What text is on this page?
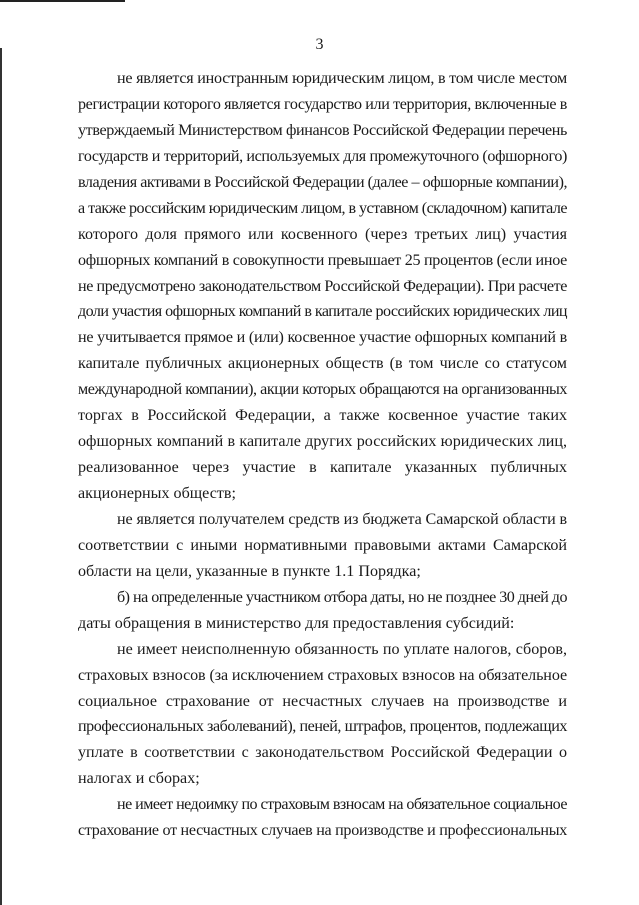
3
не является иностранным юридическим лицом, в том числе местом
регистрации которого является государство или территория, включенные в
утверждаемый Министерством финансов Российской Федерации перечень
государств и территорий, используемых для промежуточного (офшорного)
владения активами в Российской Федерации (далее – офшорные компании),
а также российским юридическим лицом, в уставном (складочном) капитале
которого доля прямого или косвенного (через третьих лиц) участия
офшорных компаний в совокупности превышает 25 процентов (если иное
не предусмотрено законодательством Российской Федерации). При расчете
доли участия офшорных компаний в капитале российских юридических лиц
не учитывается прямое и (или) косвенное участие офшорных компаний в
капитале публичных акционерных обществ (в том числе со статусом
международной компании), акции которых обращаются на организованных
торгах в Российской Федерации, а также косвенное участие таких
офшорных компаний в капитале других российских юридических лиц,
реализованное через участие в капитале указанных публичных
акционерных обществ;
не является получателем средств из бюджета Самарской области в
соответствии с иными нормативными правовыми актами Самарской
области на цели, указанные в пункте 1.1 Порядка;
б) на определенные участником отбора даты, но не позднее 30 дней до
даты обращения в министерство для предоставления субсидий:
не имеет неисполненную обязанность по уплате налогов, сборов,
страховых взносов (за исключением страховых взносов на обязательное
социальное страхование от несчастных случаев на производстве и
профессиональных заболеваний), пеней, штрафов, процентов, подлежащих
уплате в соответствии с законодательством Российской Федерации о
налогах и сборах;
не имеет недоимку по страховым взносам на обязательное социальное
страхование от несчастных случаев на производстве и профессиональных
